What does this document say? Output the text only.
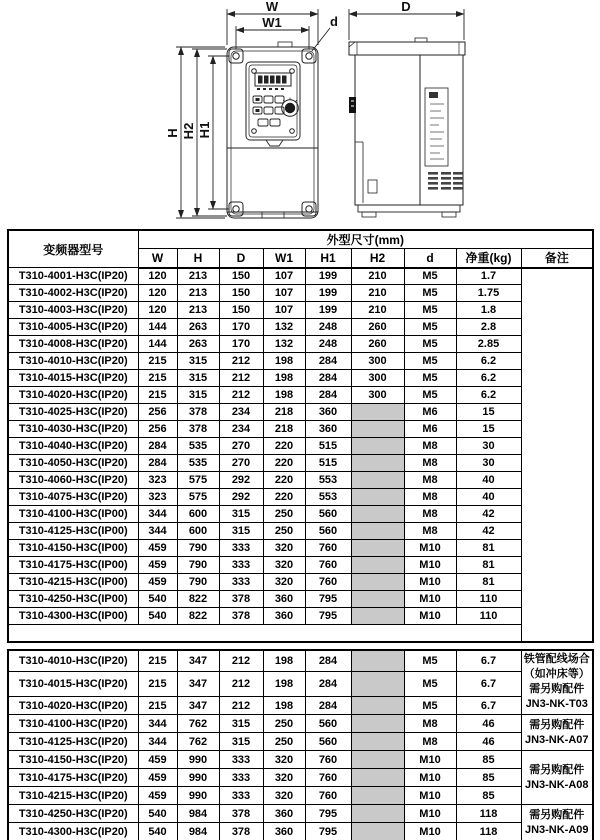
W
W1	d
H H2 H1
D
变频器型号	外型尺寸(mm)								
	W	H	D	W1	H1	H2	d	净重(kg)	备注
T310-4001-H3C(IP20)	120	213	150	107	199	210	M5	1.7	
T310-4002-H3C(IP20)	120	213	150	107	199	210	M5	1.75	
T310-4003-H3C(IP20)	120	213	150	107	199	210	M5	1.8	
T310-4005-H3C(IP20)	144	263	170	132	248	260	M5	2.8	
T310-4008-H3C(IP20)	144	263	170	132	248	260	M5	2.85	
T310-4010-H3C(IP20)	215	315	212	198	284	300	M5	6.2	
T310-4015-H3C(IP20)	215	315	212	198	284	300	M5	6.2	
T310-4020-H3C(IP20)	215	315	212	198	284	300	M5	6.2	
T310-4025-H3C(IP20)	256	378	234	218	360		M6	15	
T310-4030-H3C(IP20)	256	378	234	218	360		M6	15	
T310-4040-H3C(IP20)	284	535	270	220	515		M8	30	
T310-4050-H3C(IP20)	284	535	270	220	515		M8	30	
T310-4060-H3C(IP20)	323	575	292	220	553		M8	40	
T310-4075-H3C(IP20)	323	575	292	220	553		M8	40	
T310-4100-H3C(IP00)	344	600	315	250	560		M8	42	
T310-4125-H3C(IP00)	344	600	315	250	560		M8	42	
T310-4150-H3C(IP00)	459	790	333	320	760		M10	81	
T310-4175-H3C(IP00)	459	790	333	320	760		M10	81	
T310-4215-H3C(IP00)	459	790	333	320	760		M10	81	
T310-4250-H3C(IP00)	540	822	378	360	795		M10	110	
T310-4300-H3C(IP00)	540	822	378	360	795		M10	110	

T310-4010-H3C(IP20)	215	347	212	198	284		M5	6.7	铁管配线场合
（如冲床等）
需另购配件
JN3-NK-T03

T310-4015-H3C(IP20)	215	347	212	198	284		M5	6.7	
T310-4020-H3C(IP20)	215	347	212	198	284		M5	6.7	
T310-4100-H3C(IP20)	344	762	315	250	560		M8	46	需另购配件
JN3-NK-A07

T310-4125-H3C(IP20)	344	762	315	250	560		M8	46	
T310-4150-H3C(IP20)	459	990	333	320	760		M10	85	需另购配件
JN3-NK-A08

T310-4175-H3C(IP20)	459	990	333	320	760		M10	85	
T310-4215-H3C(IP20)	459	990	333	320	760		M10	85	
T310-4250-H3C(IP20)	540	984	378	360	795		M10	118	需另购配件
JN3-NK-A09

T310-4300-H3C(IP20)	540	984	378	360	795		M10	118	
